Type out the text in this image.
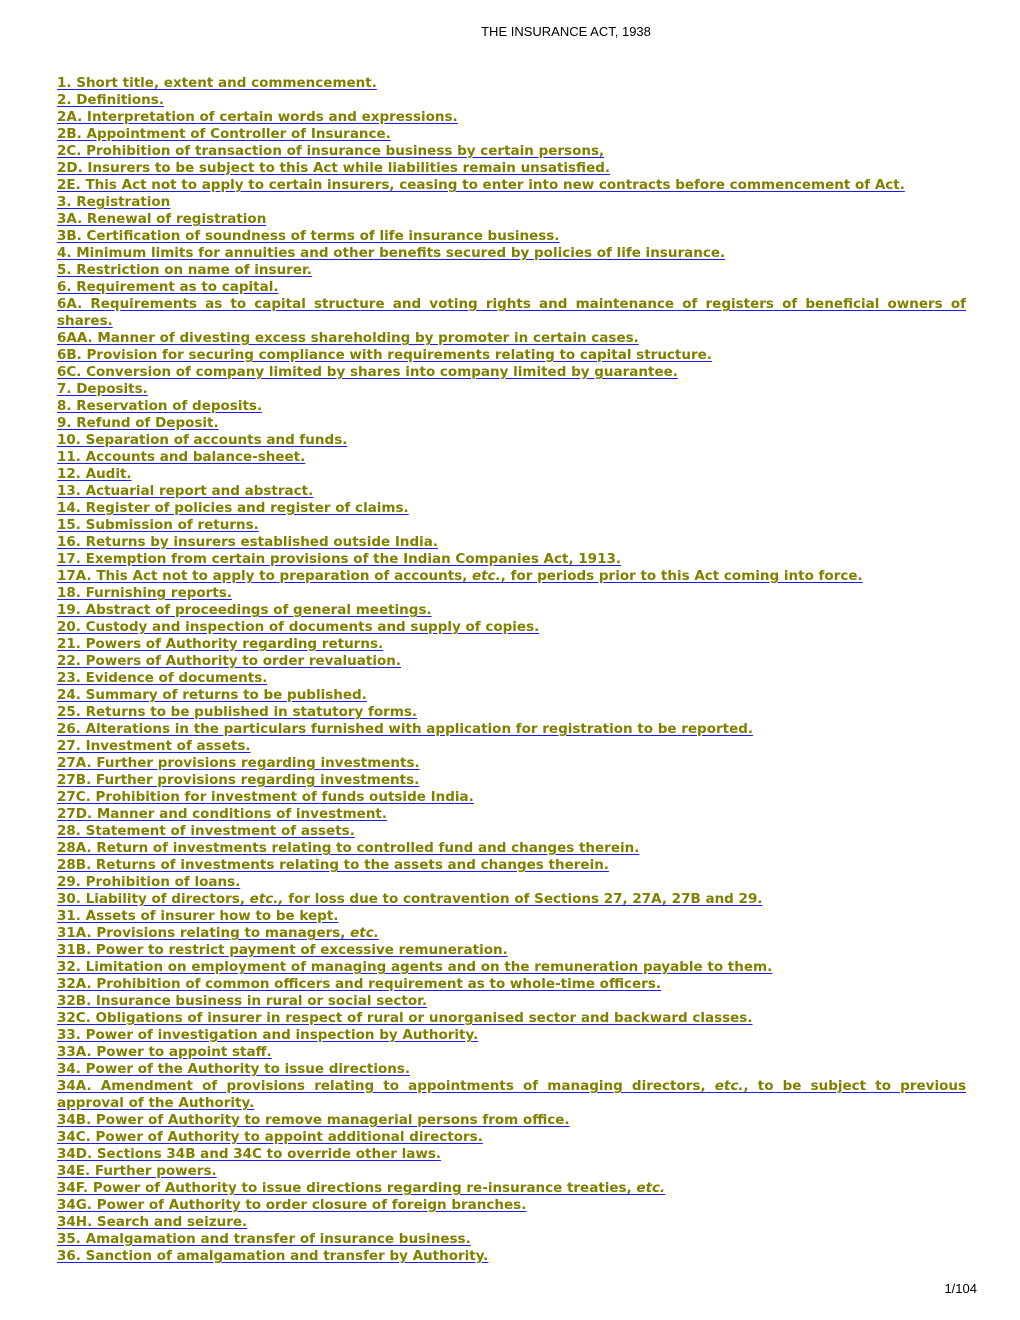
THE INSURANCE ACT, 1938
1. Short title, extent and commencement.
2. Definitions.
2A. Interpretation of certain words and expressions.
2B. Appointment of Controller of Insurance.
2C. Prohibition of transaction of insurance business by certain persons,
2D. Insurers to be subject to this Act while liabilities remain unsatisfied.
2E. This Act not to apply to certain insurers, ceasing to enter into new contracts before commencement of Act.
3. Registration
3A. Renewal of registration
3B. Certification of soundness of terms of life insurance business.
4. Minimum limits for annuities and other benefits secured by policies of life insurance.
5. Restriction on name of insurer.
6. Requirement as to capital.
6A. Requirements as to capital structure and voting rights and maintenance of registers of beneficial owners of shares.
6AA. Manner of divesting excess shareholding by promoter in certain cases.
6B. Provision for securing compliance with requirements relating to capital structure.
6C. Conversion of company limited by shares into company limited by guarantee.
7. Deposits.
8. Reservation of deposits.
9. Refund of Deposit.
10. Separation of accounts and funds.
11. Accounts and balance-sheet.
12. Audit.
13. Actuarial report and abstract.
14. Register of policies and register of claims.
15. Submission of returns.
16. Returns by insurers established outside India.
17. Exemption from certain provisions of the Indian Companies Act, 1913.
17A. This Act not to apply to preparation of accounts, etc., for periods prior to this Act coming into force.
18. Furnishing reports.
19. Abstract of proceedings of general meetings.
20. Custody and inspection of documents and supply of copies.
21. Powers of Authority regarding returns.
22. Powers of Authority to order revaluation.
23. Evidence of documents.
24. Summary of returns to be published.
25. Returns to be published in statutory forms.
26. Alterations in the particulars furnished with application for registration to be reported.
27. Investment of assets.
27A. Further provisions regarding investments.
27B. Further provisions regarding investments.
27C. Prohibition for investment of funds outside India.
27D. Manner and conditions of investment.
28. Statement of investment of assets.
28A. Return of investments relating to controlled fund and changes therein.
28B. Returns of investments relating to the assets and changes therein.
29. Prohibition of loans.
30. Liability of directors, etc., for loss due to contravention of Sections 27, 27A, 27B and 29.
31. Assets of insurer how to be kept.
31A. Provisions relating to managers, etc.
31B. Power to restrict payment of excessive remuneration.
32. Limitation on employment of managing agents and on the remuneration payable to them.
32A. Prohibition of common officers and requirement as to whole-time officers.
32B. Insurance business in rural or social sector.
32C. Obligations of insurer in respect of rural or unorganised sector and backward classes.
33. Power of investigation and inspection by Authority.
33A. Power to appoint staff.
34. Power of the Authority to issue directions.
34A. Amendment of provisions relating to appointments of managing directors, etc., to be subject to previous approval of the Authority.
34B. Power of Authority to remove managerial persons from office.
34C. Power of Authority to appoint additional directors.
34D. Sections 34B and 34C to override other laws.
34E. Further powers.
34F. Power of Authority to issue directions regarding re-insurance treaties, etc.
34G. Power of Authority to order closure of foreign branches.
34H. Search and seizure.
35. Amalgamation and transfer of insurance business.
36. Sanction of amalgamation and transfer by Authority.
1/104
